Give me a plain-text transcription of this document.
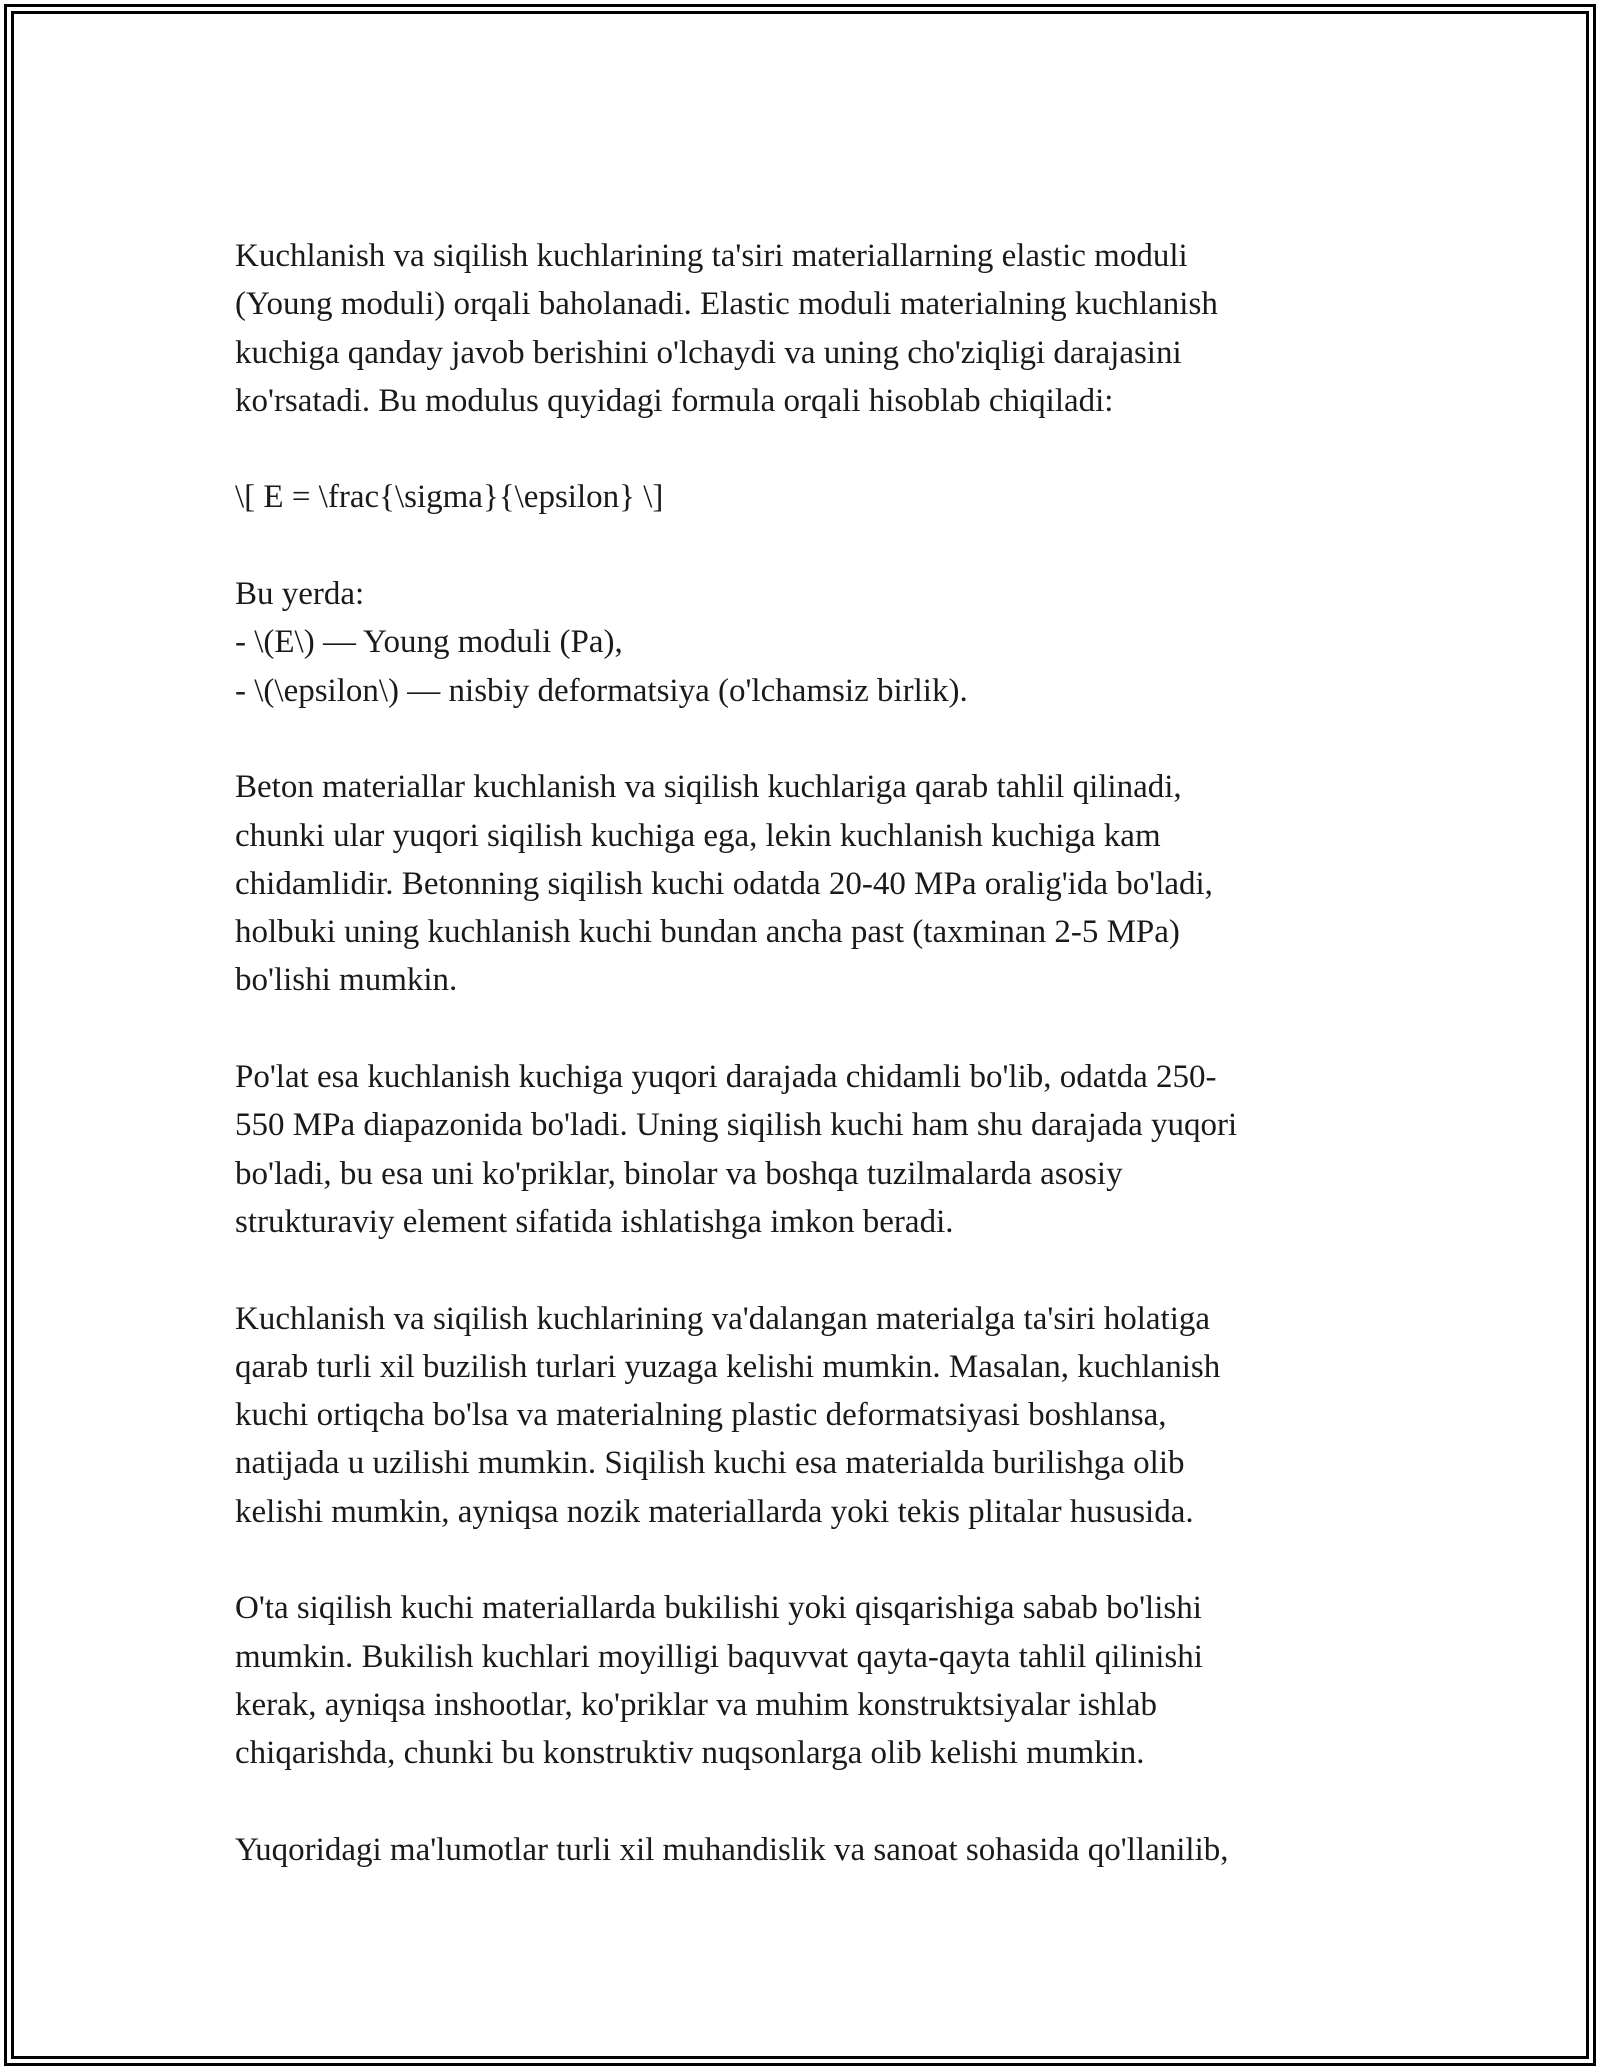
Kuchlanish va siqilish kuchlarining ta'siri materiallarning elastic moduli
(Young moduli) orqali baholanadi. Elastic moduli materialning kuchlanish
kuchiga qanday javob berishini o'lchaydi va uning cho'ziqligi darajasini
ko'rsatadi. Bu modulus quyidagi formula orqali hisoblab chiqiladi:

\[ E = \frac{\sigma}{\epsilon} \]

Bu yerda:
- \(E\) — Young moduli (Pa),
- \(\epsilon\) — nisbiy deformatsiya (o'lchamsiz birlik).

Beton materiallar kuchlanish va siqilish kuchlariga qarab tahlil qilinadi,
chunki ular yuqori siqilish kuchiga ega, lekin kuchlanish kuchiga kam
chidamlidir. Betonning siqilish kuchi odatda 20-40 MPa oralig'ida bo'ladi,
holbuki uning kuchlanish kuchi bundan ancha past (taxminan 2-5 MPa)
bo'lishi mumkin.

Po'lat esa kuchlanish kuchiga yuqori darajada chidamli bo'lib, odatda 250-
550 MPa diapazonida bo'ladi. Uning siqilish kuchi ham shu darajada yuqori
bo'ladi, bu esa uni ko'priklar, binolar va boshqa tuzilmalarda asosiy
strukturaviy element sifatida ishlatishga imkon beradi.

Kuchlanish va siqilish kuchlarining va'dalangan materialga ta'siri holatiga
qarab turli xil buzilish turlari yuzaga kelishi mumkin. Masalan, kuchlanish
kuchi ortiqcha bo'lsa va materialning plastic deformatsiyasi boshlansa,
natijada u uzilishi mumkin. Siqilish kuchi esa materialda burilishga olib
kelishi mumkin, ayniqsa nozik materiallarda yoki tekis plitalar hususida.

O'ta siqilish kuchi materiallarda bukilishi yoki qisqarishiga sabab bo'lishi
mumkin. Bukilish kuchlari moyilligi baquvvat qayta-qayta tahlil qilinishi
kerak, ayniqsa inshootlar, ko'priklar va muhim konstruktsiyalar ishlab
chiqarishda, chunki bu konstruktiv nuqsonlarga olib kelishi mumkin.

Yuqoridagi ma'lumotlar turli xil muhandislik va sanoat sohasida qo'llanilib,
